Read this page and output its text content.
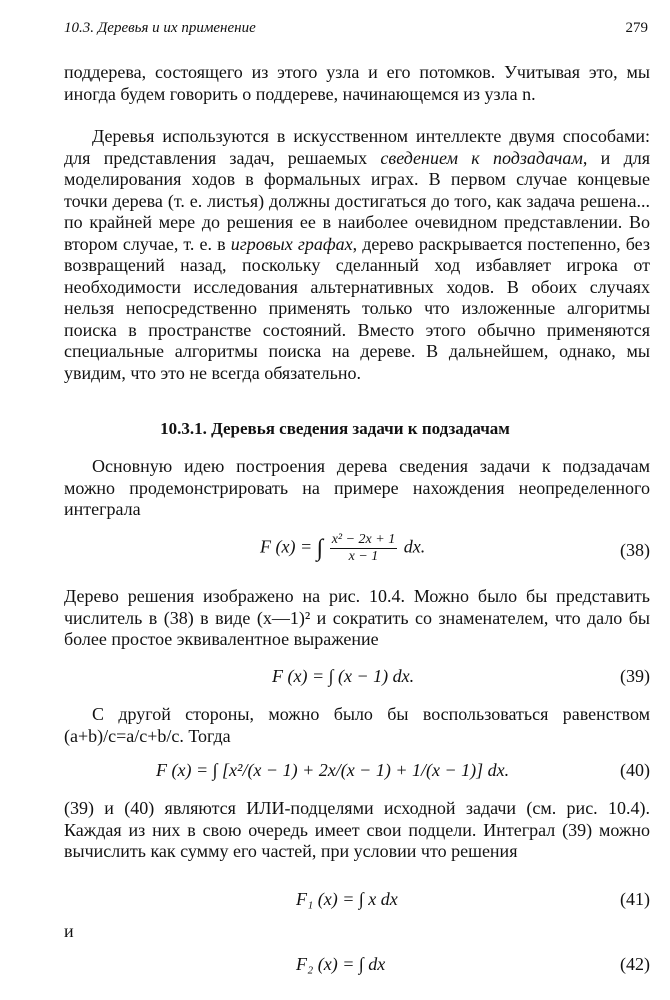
10.3. Деревья и их применение	279
поддерева, состоящего из этого узла и его потомков. Учитывая это, мы иногда будем говорить о поддереве, начинающемся из узла n.
Деревья используются в искусственном интеллекте двумя способами: для представления задач, решаемых сведением к подзадачам, и для моделирования ходов в формальных играх. В первом случае концевые точки дерева (т. е. листья) должны достигаться до того, как задача решена... по крайней мере до решения ее в наиболее очевидном представлении. Во втором случае, т. е. в игровых графах, дерево раскрывается постепенно, без возвращений назад, поскольку сделанный ход избавляет игрока от необходимости исследования альтернативных ходов. В обоих случаях нельзя непосредственно применять только что изложенные алгоритмы поиска в пространстве состояний. Вместо этого обычно применяются специальные алгоритмы поиска на дереве. В дальнейшем, однако, мы увидим, что это не всегда обязательно.
10.3.1. Деревья сведения задачи к подзадачам
Основную идею построения дерева сведения задачи к подзадачам можно продемонстрировать на примере нахождения неопределенного интеграла
F (x) = ∫ $\frac{\text{x² − 2x + 1}}{x - 1}$ dx.	(38)
Дерево решения изображено на рис. 10.4. Можно было бы представить числитель в (38) в виде (x—1)² и сократить со знаменателем, что дало бы более простое эквивалентное выражение
F (x) = ∫ (x − 1) dx.	(39)
С другой стороны, можно было бы воспользоваться равенством (a+b)/c=a/c+b/c. Тогда
F (x) = ∫ [x²/(x − 1) + 2x/(x − 1) + 1/(x − 1)] dx.	(40)
(39) и (40) являются ИЛИ-подцелями исходной задачи (см. рис. 10.4). Каждая из них в свою очередь имеет свои подцели. Интеграл (39) можно вычислить как сумму его частей, при условии что решения
F₁ (x) = ∫ x dx	(41)
и
F₂ (x) = ∫ dx	(42)
